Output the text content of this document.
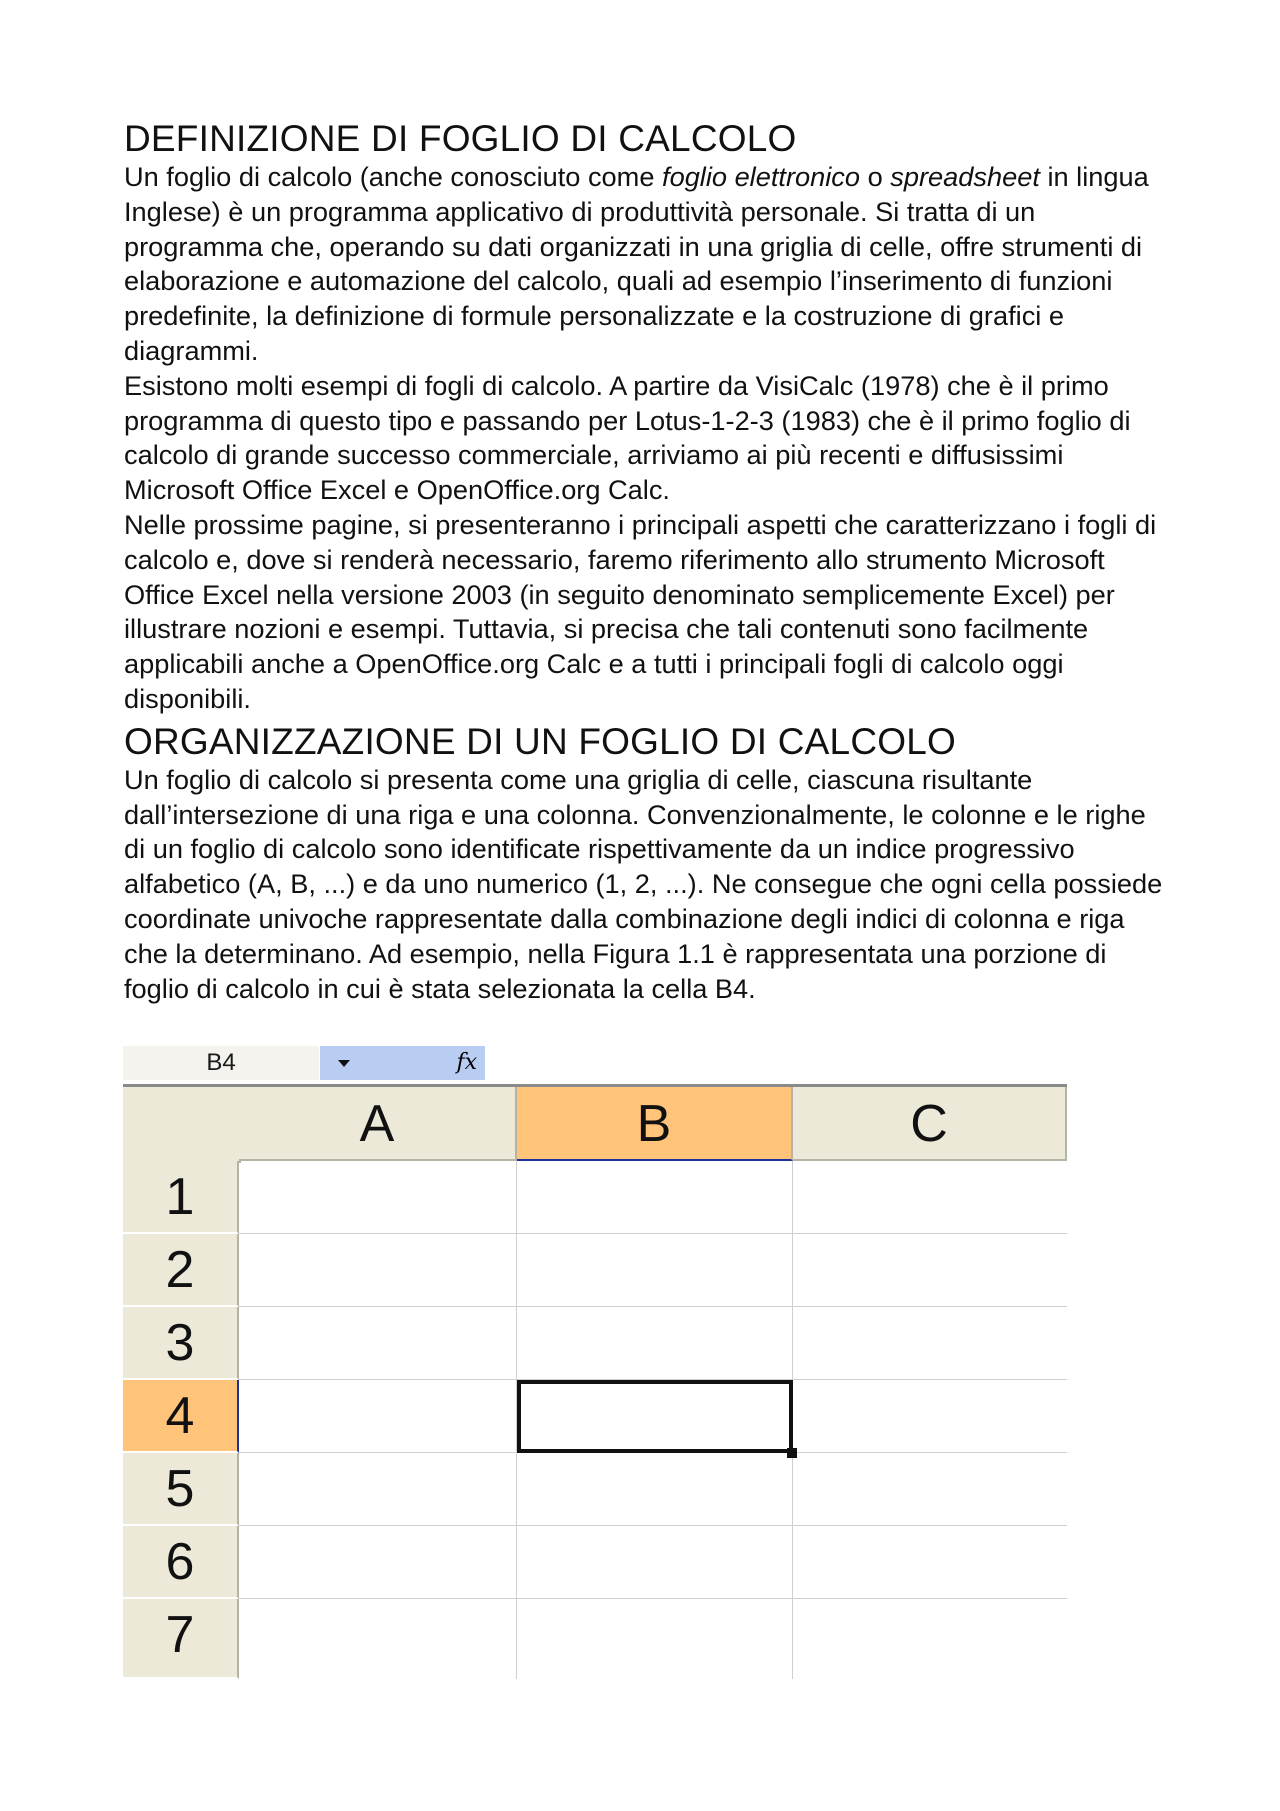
DEFINIZIONE DI FOGLIO DI CALCOLO

Un foglio di calcolo (anche conosciuto come foglio elettronico o spreadsheet in lingua Inglese) è un programma applicativo di produttività personale. Si tratta di un programma che, operando su dati organizzati in una griglia di celle, offre strumenti di elaborazione e automazione del calcolo, quali ad esempio l’inserimento di funzioni predefinite, la definizione di formule personalizzate e la costruzione di grafici e diagrammi.

Esistono molti esempi di fogli di calcolo. A partire da VisiCalc (1978) che è il primo programma di questo tipo e passando per Lotus-1-2-3 (1983) che è il primo foglio di calcolo di grande successo commerciale, arriviamo ai più recenti e diffusissimi Microsoft Office Excel e OpenOffice.org Calc.

Nelle prossime pagine, si presenteranno i principali aspetti che caratterizzano i fogli di calcolo e, dove si renderà necessario, faremo riferimento allo strumento Microsoft Office Excel nella versione 2003 (in seguito denominato semplicemente Excel) per illustrare nozioni e esempi. Tuttavia, si precisa che tali contenuti sono facilmente applicabili anche a OpenOffice.org Calc e a tutti i principali fogli di calcolo oggi disponibili.

ORGANIZZAZIONE DI UN FOGLIO DI CALCOLO

Un foglio di calcolo si presenta come una griglia di celle, ciascuna risultante dall’intersezione di una riga e una colonna. Convenzionalmente, le colonne e le righe di un foglio di calcolo sono identificate rispettivamente da un indice progressivo alfabetico (A, B, ...) e da uno numerico (1, 2, ...). Ne consegue che ogni cella possiede coordinate univoche rappresentate dalla combinazione degli indici di colonna e riga che la determinano. Ad esempio, nella Figura 1.1 è rappresentata una porzione di foglio di calcolo in cui è stata selezionata la cella B4.

B4	fx
A	B	C
1
2
3
4
5
6
7
